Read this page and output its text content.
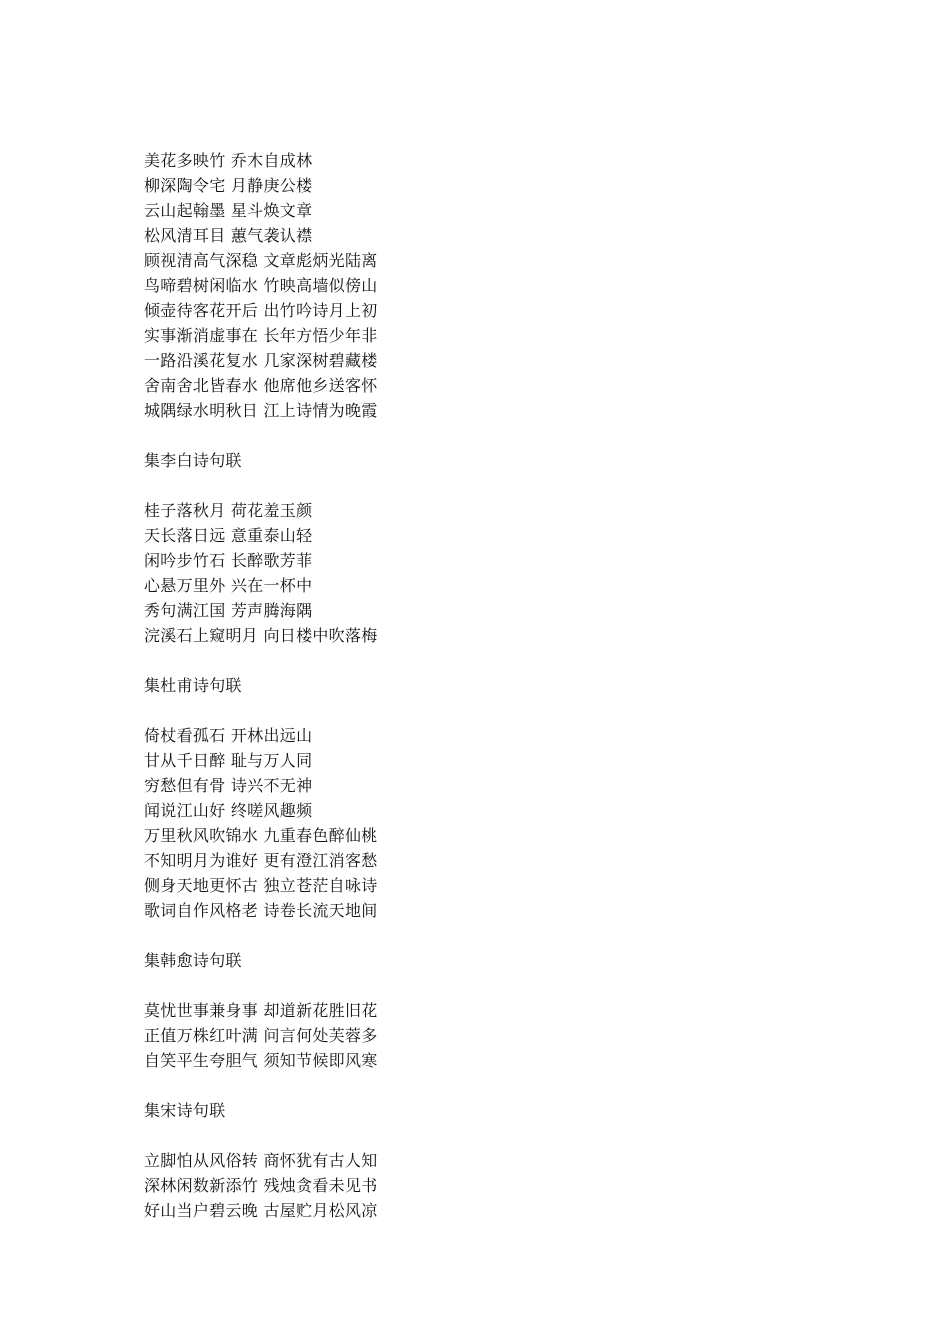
美花多映竹 乔木自成林
柳深陶令宅 月静庚公楼
云山起翰墨 星斗焕文章
松风清耳目 蕙气袭认襟
顾视清高气深稳 文章彪炳光陆离
鸟啼碧树闲临水 竹映高墙似傍山
倾壶待客花开后 出竹吟诗月上初
实事渐消虚事在 长年方悟少年非
一路沿溪花复水 几家深树碧藏楼
舍南舍北皆春水 他席他乡送客怀
城隅绿水明秋日 江上诗情为晚霞
集李白诗句联
桂子落秋月 荷花羞玉颜
天长落日远 意重泰山轻
闲吟步竹石 长醉歌芳菲
心悬万里外 兴在一杯中
秀句满江国 芳声腾海隅
浣溪石上窥明月 向日楼中吹落梅
集杜甫诗句联
倚杖看孤石 开林出远山
甘从千日醉 耻与万人同
穷愁但有骨 诗兴不无神
闻说江山好 终嗟风趣频
万里秋风吹锦水 九重春色醉仙桃
不知明月为谁好 更有澄江消客愁
侧身天地更怀古 独立苍茫自咏诗
歌词自作风格老 诗卷长流天地间
集韩愈诗句联
莫忧世事兼身事 却道新花胜旧花
正值万株红叶满 问言何处芙蓉多
自笑平生夸胆气 须知节候即风寒
集宋诗句联
立脚怕从风俗转 商怀犹有古人知
深林闲数新添竹 残烛贪看未见书
好山当户碧云晚 古屋贮月松风凉
